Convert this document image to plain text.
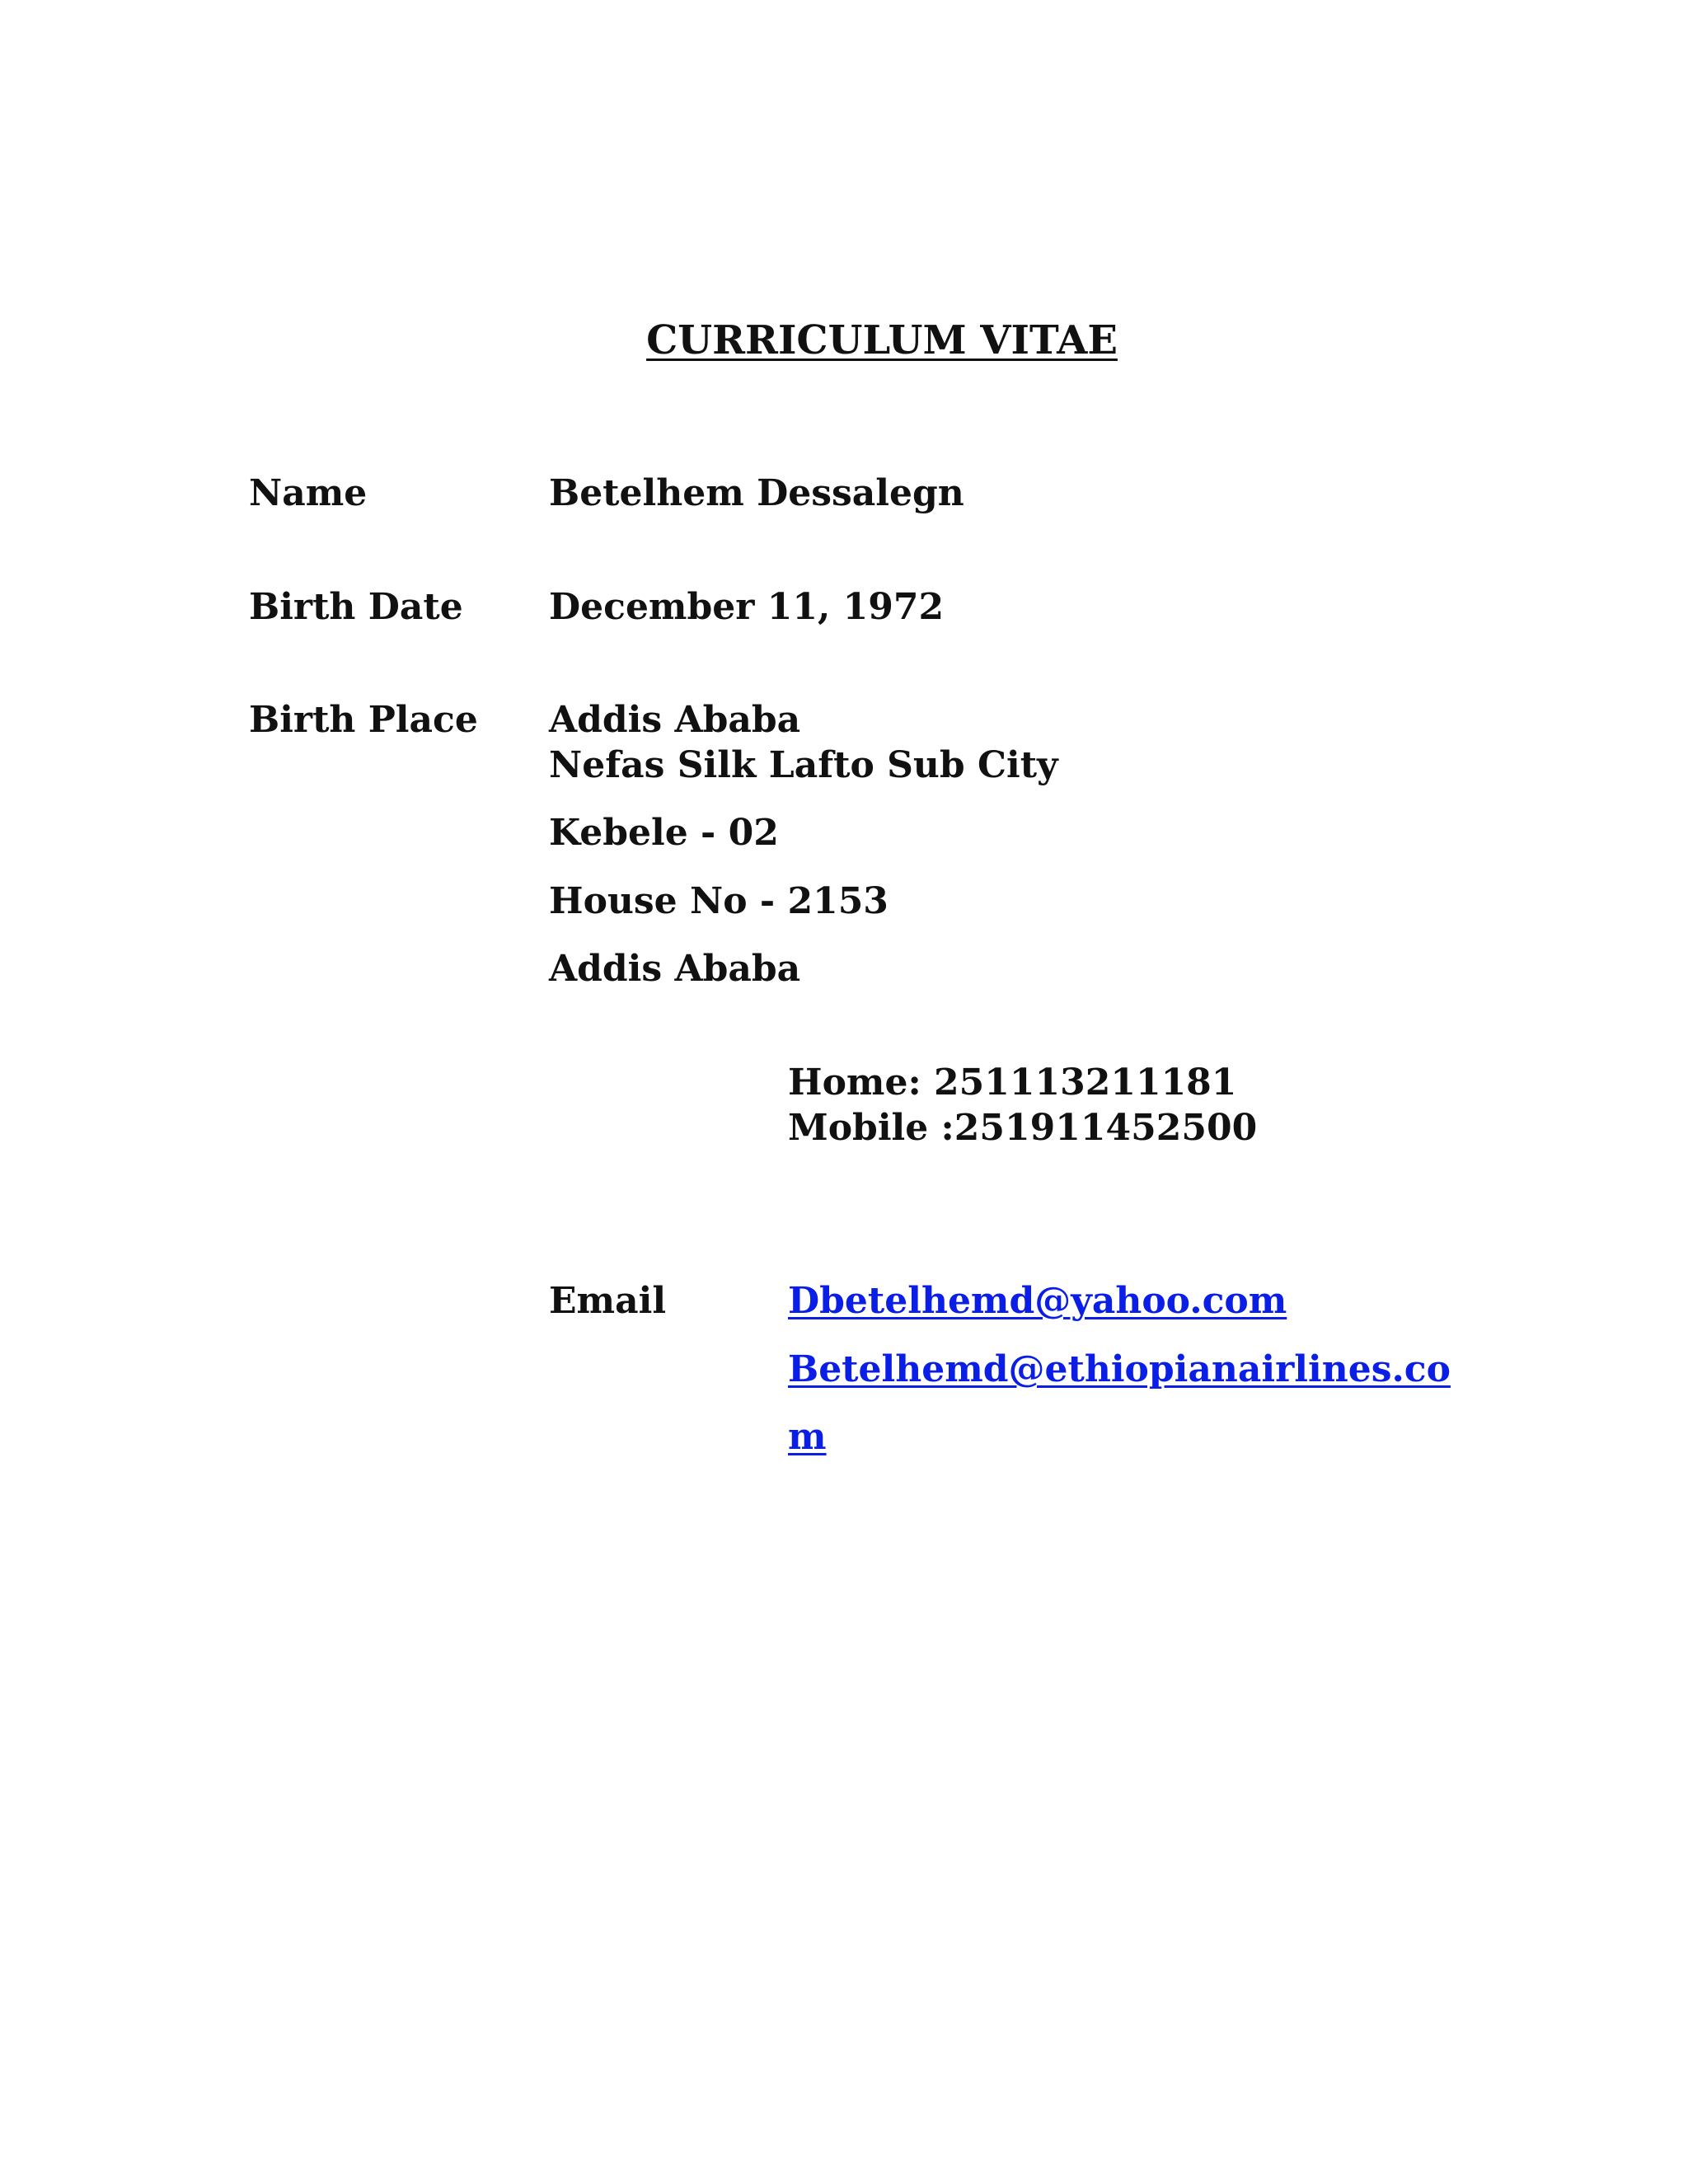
CURRICULUM VITAE
Name	Betelhem Dessalegn
Birth Date December 11, 1972
Birth Place Addis Ababa
Nefas Silk Lafto Sub City
Kebele - 02
House No - 2153
Addis Ababa
Home: 251113211181
Mobile :251911452500
Email	Dbetelhemd@yahoo.com
Betelhemd@ethiopianairlines.co
m
